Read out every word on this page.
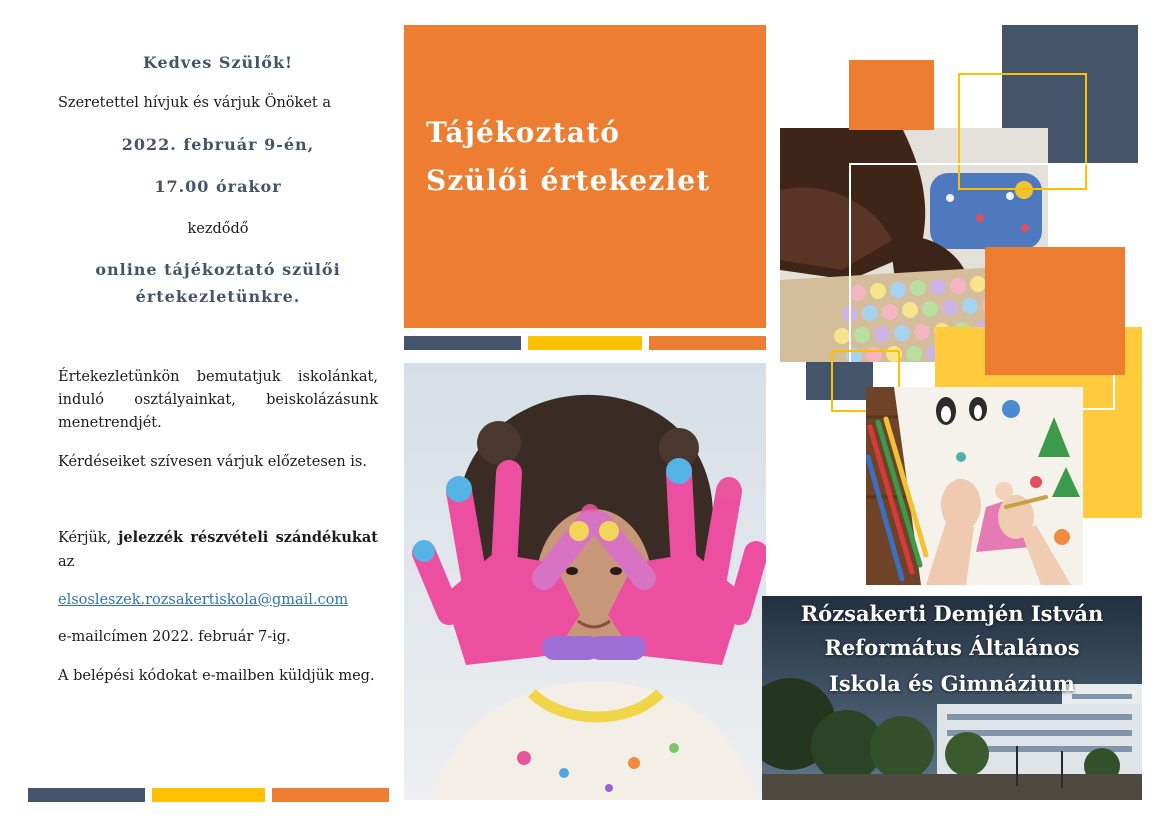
Kedves Szülők!
Szeretettel hívjuk és várjuk Önöket a
2022. február 9-én,
17.00 órakor
kezdődő
online tájékoztató szülői
értekezletünkre.

Értekezletünkön bemutatjuk iskolánkat, induló osztályainkat, beiskolázásunk menetrendjét.

Kérdéseiket szívesen várjuk előzetesen is.

Kérjük, jelezzék részvételi szándékukat az

elsosleszek.rozsakertiskola@gmail.com
e-mailcímen 2022. február 7-ig.

A belépési kódokat e-mailben küldjük meg.

Tájékoztató
Szülői értekezlet
Rózsakerti Demjén István
Református Általános
Iskola és Gimnázium
